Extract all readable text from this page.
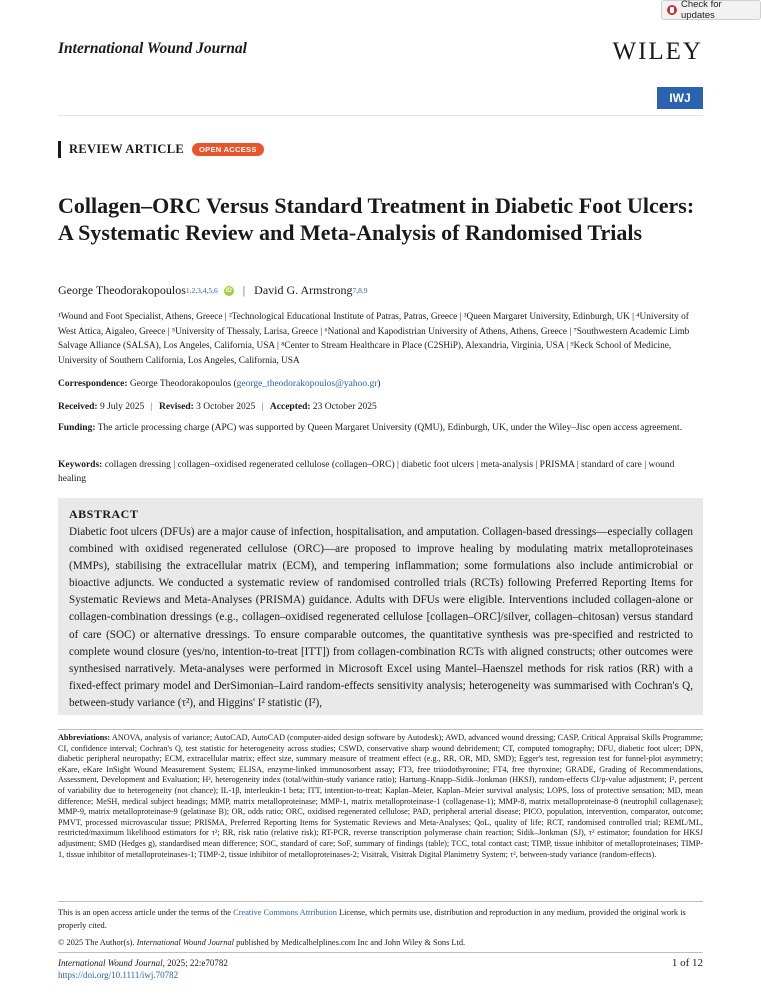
Check for updates
International Wound Journal	WILEY
IWJ
REVIEW ARTICLE	OPEN ACCESS
Collagen–ORC Versus Standard Treatment in Diabetic Foot Ulcers: A Systematic Review and Meta-Analysis of Randomised Trials
George Theodorakopoulos 1,2,3,4,5,6 iD | David G. Armstrong 7,8,9
¹Wound and Foot Specialist, Athens, Greece | ²Technological Educational Institute of Patras, Patras, Greece | ³Queen Margaret University, Edinburgh, UK | ⁴University of West Attica, Aigaleo, Greece | ⁵University of Thessaly, Larisa, Greece | ⁶National and Kapodistrian University of Athens, Athens, Greece | ⁷Southwestern Academic Limb Salvage Alliance (SALSA), Los Angeles, California, USA | ⁸Center to Stream Healthcare in Place (C2SHiP), Alexandria, Virginia, USA | ⁹Keck School of Medicine, University of Southern California, Los Angeles, California, USA
Correspondence: George Theodorakopoulos (george_theodorakopoulos@yahoo.gr)
Received: 9 July 2025 | Revised: 3 October 2025 | Accepted: 23 October 2025
Funding: The article processing charge (APC) was supported by Queen Margaret University (QMU), Edinburgh, UK, under the Wiley–Jisc open access agreement.
Keywords: collagen dressing | collagen–oxidised regenerated cellulose (collagen–ORC) | diabetic foot ulcers | meta-analysis | PRISMA | standard of care | wound healing
ABSTRACT

Diabetic foot ulcers (DFUs) are a major cause of infection, hospitalisation, and amputation. Collagen-based dressings—especially collagen combined with oxidised regenerated cellulose (ORC)—are proposed to improve healing by modulating matrix metalloproteinases (MMPs), stabilising the extracellular matrix (ECM), and tempering inflammation; some formulations also include antimicrobial or bioactive adjuncts. We conducted a systematic review of randomised controlled trials (RCTs) following Preferred Reporting Items for Systematic Reviews and Meta-Analyses (PRISMA) guidance. Adults with DFUs were eligible. Interventions included collagen-alone or collagen-combination dressings (e.g., collagen–oxidised regenerated cellulose [collagen–ORC]/silver, collagen–chitosan) versus standard of care (SOC) or alternative dressings. To ensure comparable outcomes, the quantitative synthesis was pre-specified and restricted to complete wound closure (yes/no, intention-to-treat [ITT]) from collagen-combination RCTs with aligned constructs; other outcomes were synthesised narratively. Meta-analyses were performed in Microsoft Excel using Mantel–Haenszel methods for risk ratios (RR) with a fixed-effect primary model and DerSimonian–Laird random-effects sensitivity analysis; heterogeneity was summarised with Cochran's Q, between-study variance (τ²), and Higgins' I² statistic (I²),

Abbreviations: ANOVA, analysis of variance; AutoCAD, AutoCAD (computer-aided design software by Autodesk); AWD, advanced wound dressing; CASP, Critical Appraisal Skills Programme; CI, confidence interval; Cochran's Q, test statistic for heterogeneity across studies; CSWD, conservative sharp wound debridement; CT, computed tomography; DFU, diabetic foot ulcer; DPN, diabetic peripheral neuropathy; ECM, extracellular matrix; effect size, summary measure of treatment effect (e.g., RR, OR, MD, SMD); Egger's test, regression test for funnel-plot asymmetry; eKare, eKare InSight Wound Measurement System; ELISA, enzyme-linked immunosorbent assay; FT3, free triiodothyronine; FT4, free thyroxine; GRADE, Grading of Recommendations, Assessment, Development and Evaluation; H², heterogeneity index (total/within-study variance ratio); Hartung–Knapp–Sidik–Jonkman (HKSJ), random-effects CI/p-value adjustment; I², percent of variability due to heterogeneity (not chance); IL-1β, interleukin-1 beta; ITT, intention-to-treat; Kaplan–Meier, Kaplan–Meier survival analysis; LOPS, loss of protective sensation; MD, mean difference; MeSH, medical subject headings; MMP, matrix metalloproteinase; MMP-1, matrix metalloproteinase-1 (collagenase-1); MMP-8, matrix metalloproteinase-8 (neutrophil collagenase); MMP-9, matrix metalloproteinase-9 (gelatinase B); OR, odds ratio; ORC, oxidised regenerated cellulose; PAD, peripheral arterial disease; PICO, population, intervention, comparator, outcome; PMVT, processed microvascular tissue; PRISMA, Preferred Reporting Items for Systematic Reviews and Meta-Analyses; QoL, quality of life; RCT, randomised controlled trial; REML/ML, restricted/maximum likelihood estimators for τ²; RR, risk ratio (relative risk); RT-PCR, reverse transcription polymerase chain reaction; Sidik–Jonkman (SJ), τ² estimator; foundation for HKSJ adjustment; SMD (Hedges g), standardised mean difference; SOC, standard of care; SoF, summary of findings (table); TCC, total contact cast; TIMP, tissue inhibitor of metalloproteinases; TIMP-1, tissue inhibitor of metalloproteinases-1; TIMP-2, tissue inhibitor of metalloproteinases-2; Visitrak, Visitrak Digital Planimetry System; τ², between-study variance (random-effects).
This is an open access article under the terms of the Creative Commons Attribution License, which permits use, distribution and reproduction in any medium, provided the original work is properly cited.
© 2025 The Author(s). International Wound Journal published by Medicalhelplines.com Inc and John Wiley & Sons Ltd.
International Wound Journal, 2025; 22:e70782
https://doi.org/10.1111/iwj.70782
1 of 12
